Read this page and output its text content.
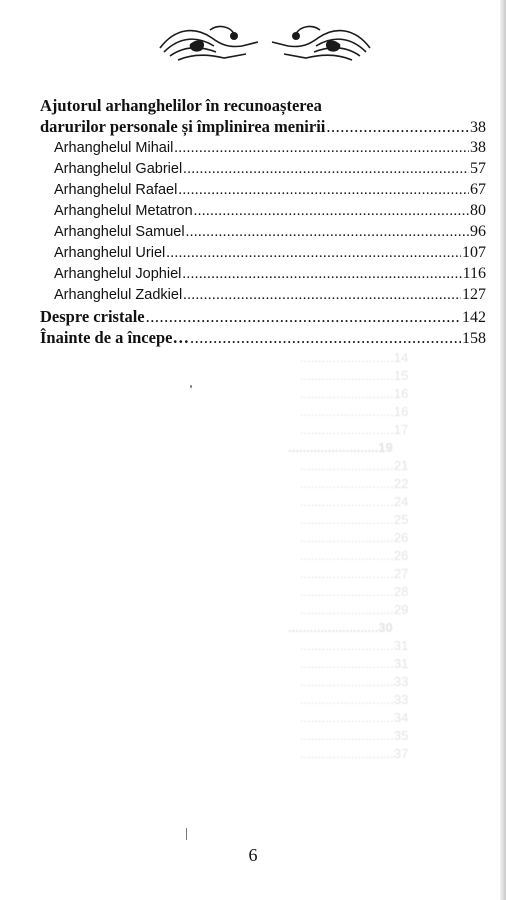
..........................14
..........................15
..........................16
..........................16
..........................17
.........................19
..........................21
..........................22
..........................24
..........................25
..........................26
..........................26
..........................27
..........................28
..........................29
.........................30
..........................31
..........................31
..........................33
..........................33
..........................34
..........................35
..........................37
Ajutorul arhanghelilor în recunoașterea
darurilor personale și împlinirea menirii .....	38
Arhanghelul Mihail .....	38
Arhanghelul Gabriel .....	57
Arhanghelul Rafael .....	67
Arhanghelul Metatron .....	80
Arhanghelul Samuel .....	96
Arhanghelul Uriel .....	107
Arhanghelul Jophiel .....	116
Arhanghelul Zadkiel .....	127
Despre cristale .....	142
Înainte de a începe… .....	158
6
